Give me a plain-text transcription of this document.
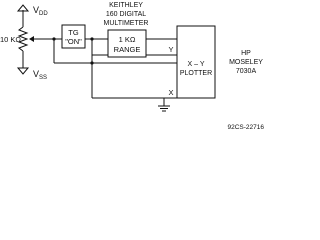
$V_{DD}$
10 KΩ
$V_{SS}$
TG
"ON"
KEITHLEY
160 DIGITAL
MULTIMETER
1 KΩ
RANGE	Y
X – Y
PLOTTER
HP
MOSELEY
7030A
X
92CS-22716
